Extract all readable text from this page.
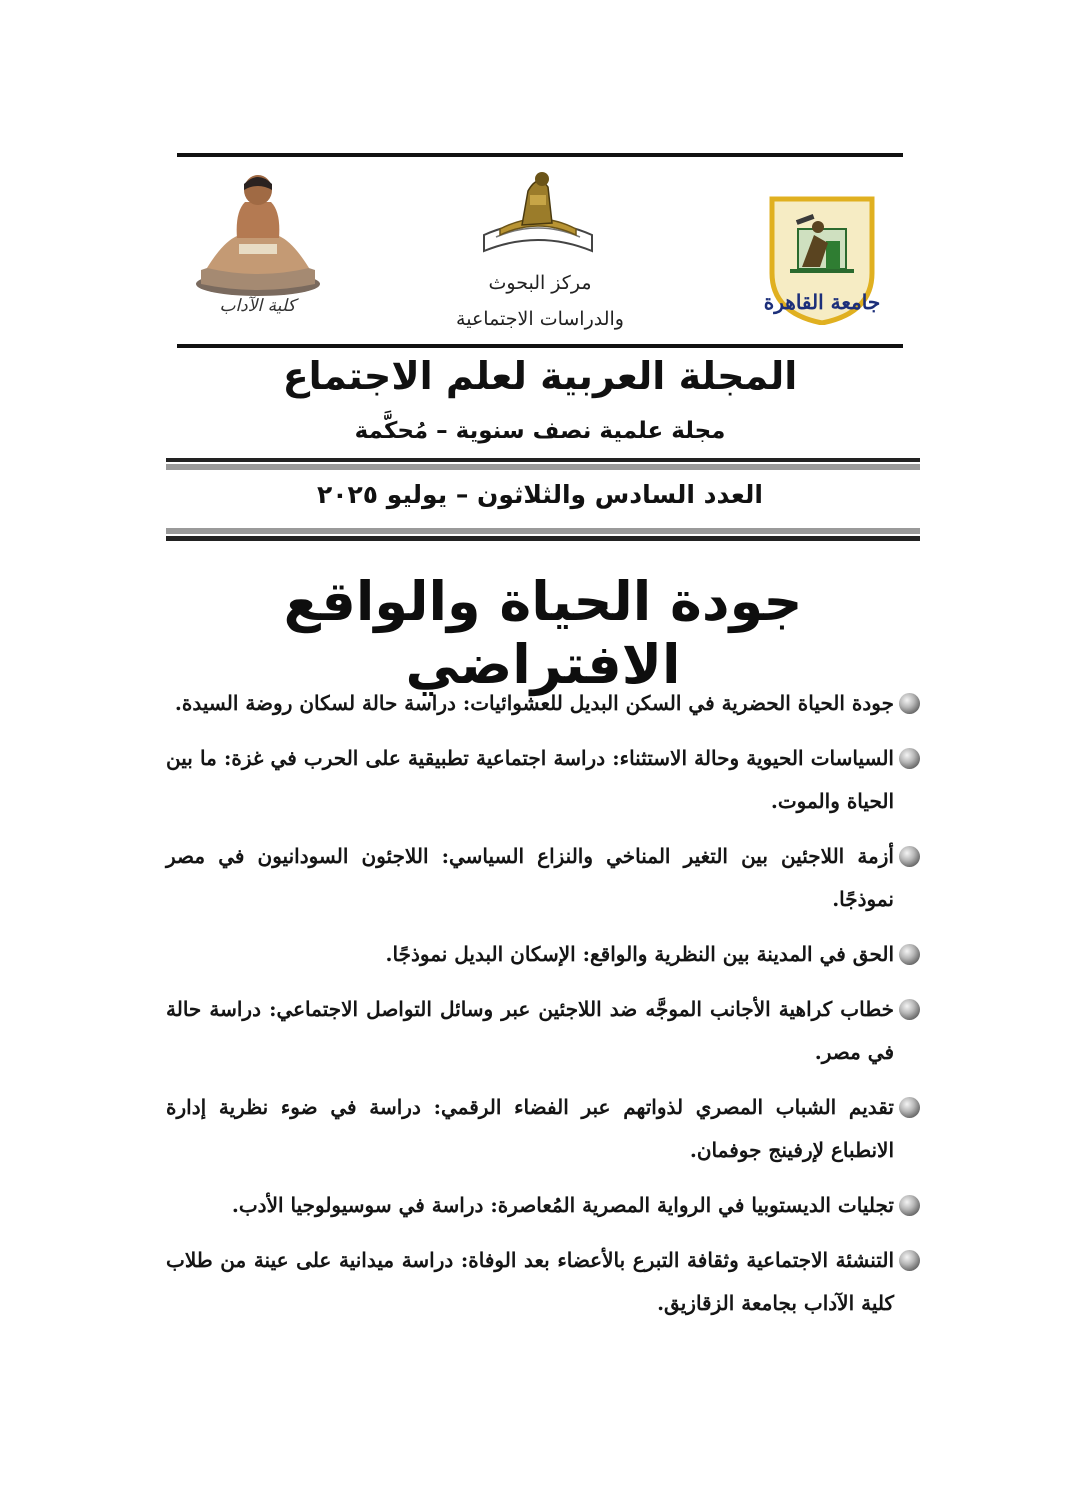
جامعة القاهرة
مركز البحوث
والدراسات الاجتماعية
كلية الآداب
المجلة العربية لعلم الاجتماع
مجلة علمية نصف سنوية – مُحكَّمة
العدد السادس والثلاثون – يوليو ٢٠٢٥
جودة الحياة والواقع الافتراضي
جودة الحياة الحضرية في السكن البديل للعشوائيات: دراسة حالة لسكان روضة السيدة.
السياسات الحيوية وحالة الاستثناء: دراسة اجتماعية تطبيقية على الحرب في غزة: ما بين الحياة والموت.
أزمة اللاجئين بين التغير المناخي والنزاع السياسي: اللاجئون السودانيون في مصر نموذجًا.
الحق في المدينة بين النظرية والواقع: الإسكان البديل نموذجًا.
خطاب كراهية الأجانب الموجَّه ضد اللاجئين عبر وسائل التواصل الاجتماعي: دراسة حالة في مصر.
تقديم الشباب المصري لذواتهم عبر الفضاء الرقمي: دراسة في ضوء نظرية إدارة الانطباع لإرفينج جوفمان.
تجليات الديستوبيا في الرواية المصرية المُعاصرة: دراسة في سوسيولوجيا الأدب.
التنشئة الاجتماعية وثقافة التبرع بالأعضاء بعد الوفاة: دراسة ميدانية على عينة من طلاب كلية الآداب بجامعة الزقازيق.
